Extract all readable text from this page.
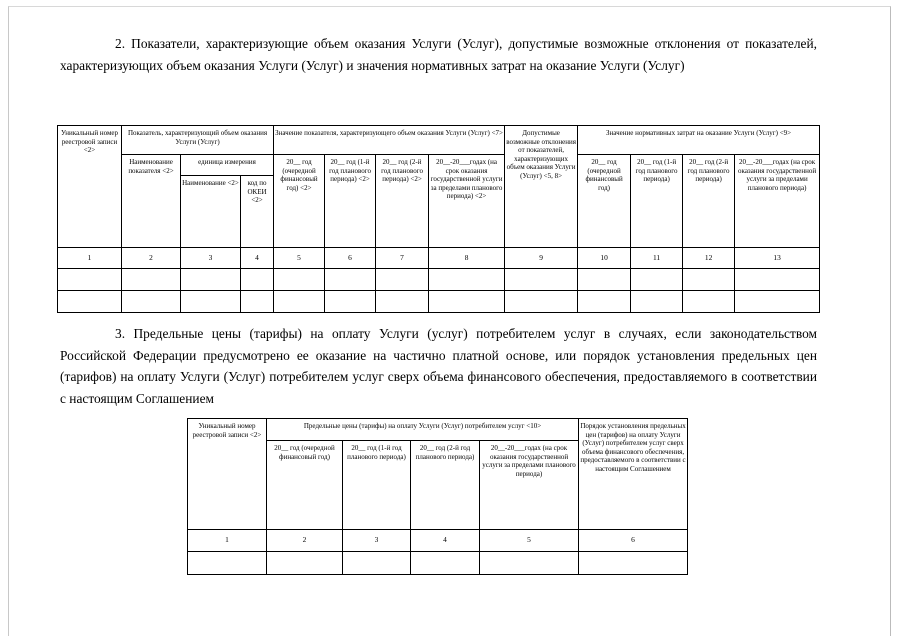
2. Показатели, характеризующие объем оказания Услуги (Услуг), допустимые возможные отклонения от показателей, характеризующих объем оказания Услуги (Услуг) и значения нормативных затрат на оказание Услуги (Услуг)

Уникальный номер реестровой записи <2>	Показатель, характеризующий объем оказания Услуги (Услуг)			Значение показателя, характеризующего объем оказания Услуги (Услуг) <7>				Допустимые возможные отклонения от показателей, характеризующих объем оказания Услуги (Услуг) <5, 8>	Значение нормативных затрат на оказание Услуги (Услуг) <9>			
	Наименование показателя <2>	единица измерения		20__ год (очередной финансовый год) <2>	20__ год (1-й год планового периода) <2>	20__ год (2-й год планового периода) <2>	20__-20___годах (на срок оказания государственной услуги за пределами планового периода) <2>		20__ год (очередной финансовый год)	20__ год (1-й год планового периода)	20__ год (2-й год планового периода)	20__-20___годах (на срок оказания государственной услуги за пределами планового периода)
		Наименование <2>	код по ОКЕИ <2>									
1	2	3	4	5	6	7	8	9	10	11	12	13

3. Предельные цены (тарифы) на оплату Услуги (услуг) потребителем услуг в случаях, если законодательством Российской Федерации предусмотрено ее оказание на частично платной основе, или порядок установления предельных цен (тарифов) на оплату Услуги (Услуг) потребителем услуг сверх объема финансового обеспечения, предоставляемого в соответствии с настоящим Соглашением

Уникальный номер реестровой записи <2>	Предельные цены (тарифы) на оплату Услуги (Услуг) потребителем услуг <10>				Порядок установления предельных цен (тарифов) на оплату Услуги (Услуг) потребителем услуг сверх объема финансового обеспечения, предоставляемого в соответствии с настоящим Соглашением
	20__ год (очередной финансовый год)	20__ год (1-й год планового периода)	20__ год (2-й год планового периода)	20__-20___годах (на срок оказания государственной услуги за пределами планового периода)	
1	2	3	4	5	6
